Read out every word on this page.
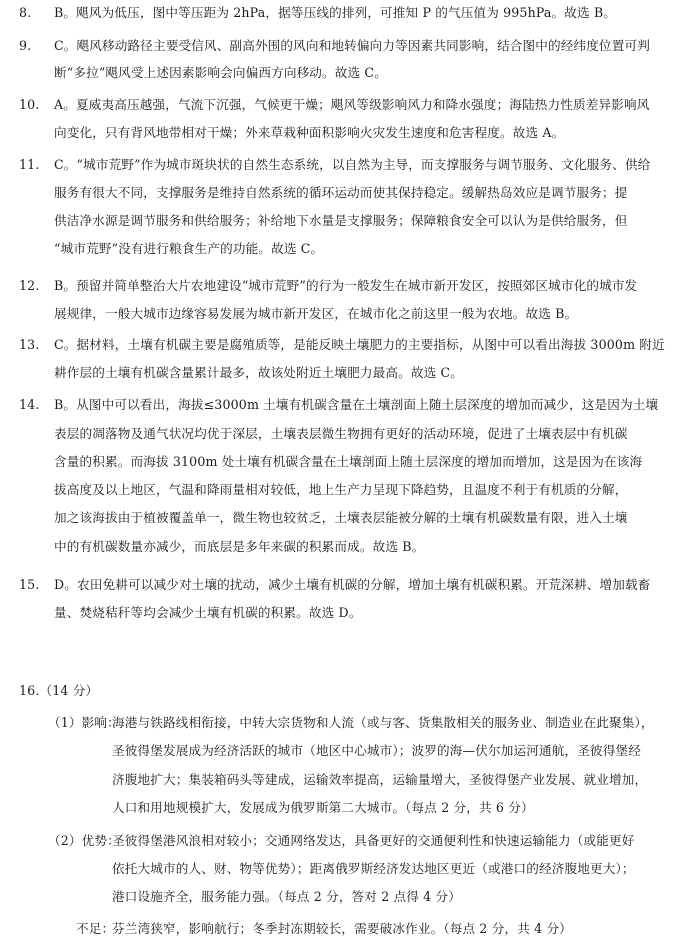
8. B。飓风为低压，图中等压距为 2hPa，据等压线的排列，可推知 P 的气压值为 995hPa。故选 B。
9. C。飓风移动路径主要受信风、副高外围的风向和地转偏向力等因素共同影响，结合图中的经纬度位置可判
断“多拉”飓风受上述因素影响会向偏西方向移动。故选 C。
10. A。夏威夷高压越强，气流下沉强，气候更干燥；飓风等级影响风力和降水强度；海陆热力性质差异影响风
向变化，只有背风地带相对干燥；外来草栽种面积影响火灾发生速度和危害程度。故选 A。
11. C。“城市荒野”作为城市斑块状的自然生态系统，以自然为主导，而支撑服务与调节服务、文化服务、供给
服务有很大不同，支撑服务是维持自然系统的循环运动而使其保持稳定。缓解热岛效应是调节服务；提
供洁净水源是调节服务和供给服务；补给地下水量是支撑服务；保障粮食安全可以认为是供给服务，但
“城市荒野”没有进行粮食生产的功能。故选 C。
12. B。预留并简单整治大片农地建设“城市荒野”的行为一般发生在城市新开发区，按照郊区城市化的城市发
展规律，一般大城市边缘容易发展为城市新开发区，在城市化之前这里一般为农地。故选 B。
13. C。据材料，土壤有机碳主要是腐殖质等，是能反映土壤肥力的主要指标，从图中可以看出海拔 3000m 附近
耕作层的土壤有机碳含量累计最多，故该处附近土壤肥力最高。故选 C。
14. B。从图中可以看出，海拔≤3000m 土壤有机碳含量在土壤剖面上随土层深度的增加而减少，这是因为土壤
表层的凋落物及通气状况均优于深层，土壤表层微生物拥有更好的活动环境，促进了土壤表层中有机碳
含量的积累。而海拔 3100m 处土壤有机碳含量在土壤剖面上随土层深度的增加而增加，这是因为在该海
拔高度及以上地区，气温和降雨量相对较低，地上生产力呈现下降趋势，且温度不利于有机质的分解，
加之该海拔由于植被覆盖单一，微生物也较贫乏，土壤表层能被分解的土壤有机碳数量有限，进入土壤
中的有机碳数量亦减少，而底层是多年来碳的积累而成。故选 B。
15. D。农田免耕可以减少对土壤的扰动，减少土壤有机碳的分解，增加土壤有机碳积累。开荒深耕、增加载畜
量、焚烧秸秆等均会减少土壤有机碳的积累。故选 D。
16.（14 分）
（1）影响：
海港与铁路线相衔接，中转大宗货物和人流（或与客、货集散相关的服务业、制造业在此聚集），
圣彼得堡发展成为经济活跃的城市（地区中心城市）；波罗的海—伏尔加运河通航，圣彼得堡经
济腹地扩大；集装箱码头等建成，运输效率提高，运输量增大，圣彼得堡产业发展、就业增加，
人口和用地规模扩大，发展成为俄罗斯第二大城市。（每点 2 分，共 6 分）
（2）优势：
圣彼得堡港风浪相对较小；交通网络发达，具备更好的交通便利性和快速运输能力（或能更好
依托大城市的人、财、物等优势）；距离俄罗斯经济发达地区更近（或港口的经济腹地更大）；
港口设施齐全，服务能力强。（每点 2 分，答对 2 点得 4 分）
不足：
芬兰湾狭窄，影响航行；冬季封冻期较长，需要破冰作业。（每点 2 分，共 4 分）
